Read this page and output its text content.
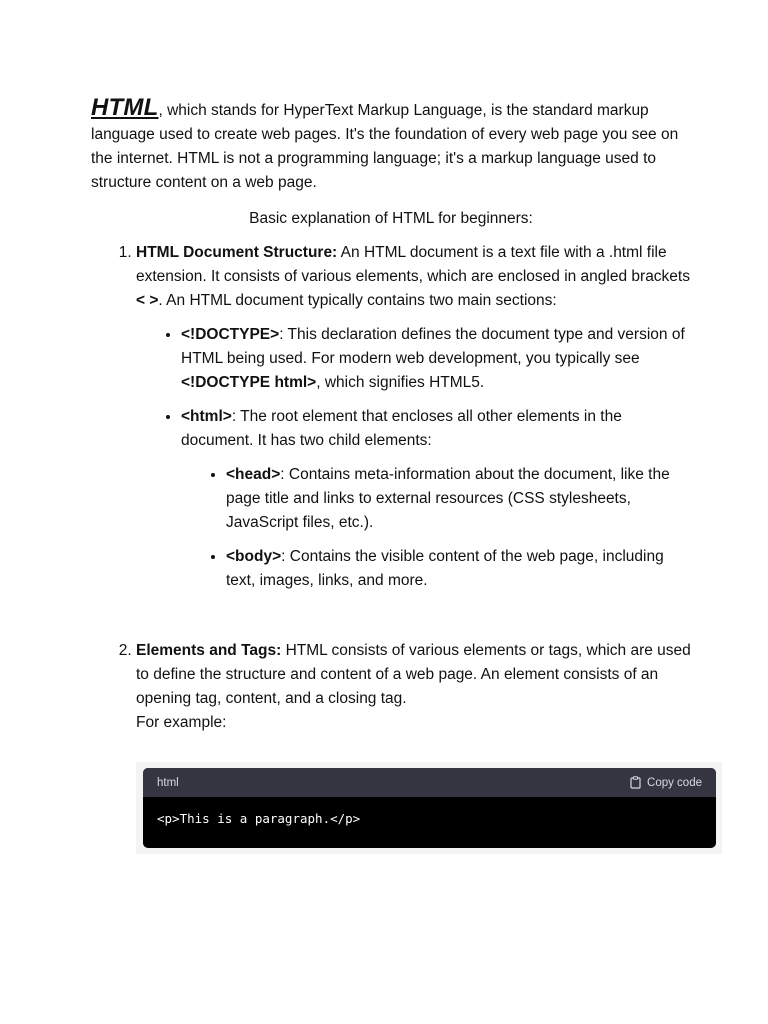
HTML, which stands for HyperText Markup Language, is the standard markup language used to create web pages. It's the foundation of every web page you see on the internet. HTML is not a programming language; it's a markup language used to structure content on a web page.

Basic explanation of HTML for beginners:

1. HTML Document Structure: An HTML document is a text file with a .html file extension. It consists of various elements, which are enclosed in angled brackets < >. An HTML document typically contains two main sections:
• <!DOCTYPE>: This declaration defines the document type and version of HTML being used. For modern web development, you typically see <!DOCTYPE html>, which signifies HTML5.
• <html>: The root element that encloses all other elements in the document. It has two child elements:
• <head>: Contains meta-information about the document, like the page title and links to external resources (CSS stylesheets, JavaScript files, etc.).
• <body>: Contains the visible content of the web page, including text, images, links, and more.
2. Elements and Tags: HTML consists of various elements or tags, which are used to define the structure and content of a web page. An element consists of an opening tag, content, and a closing tag.
For example:
html	Copy code
<p>This is a paragraph.</p>
